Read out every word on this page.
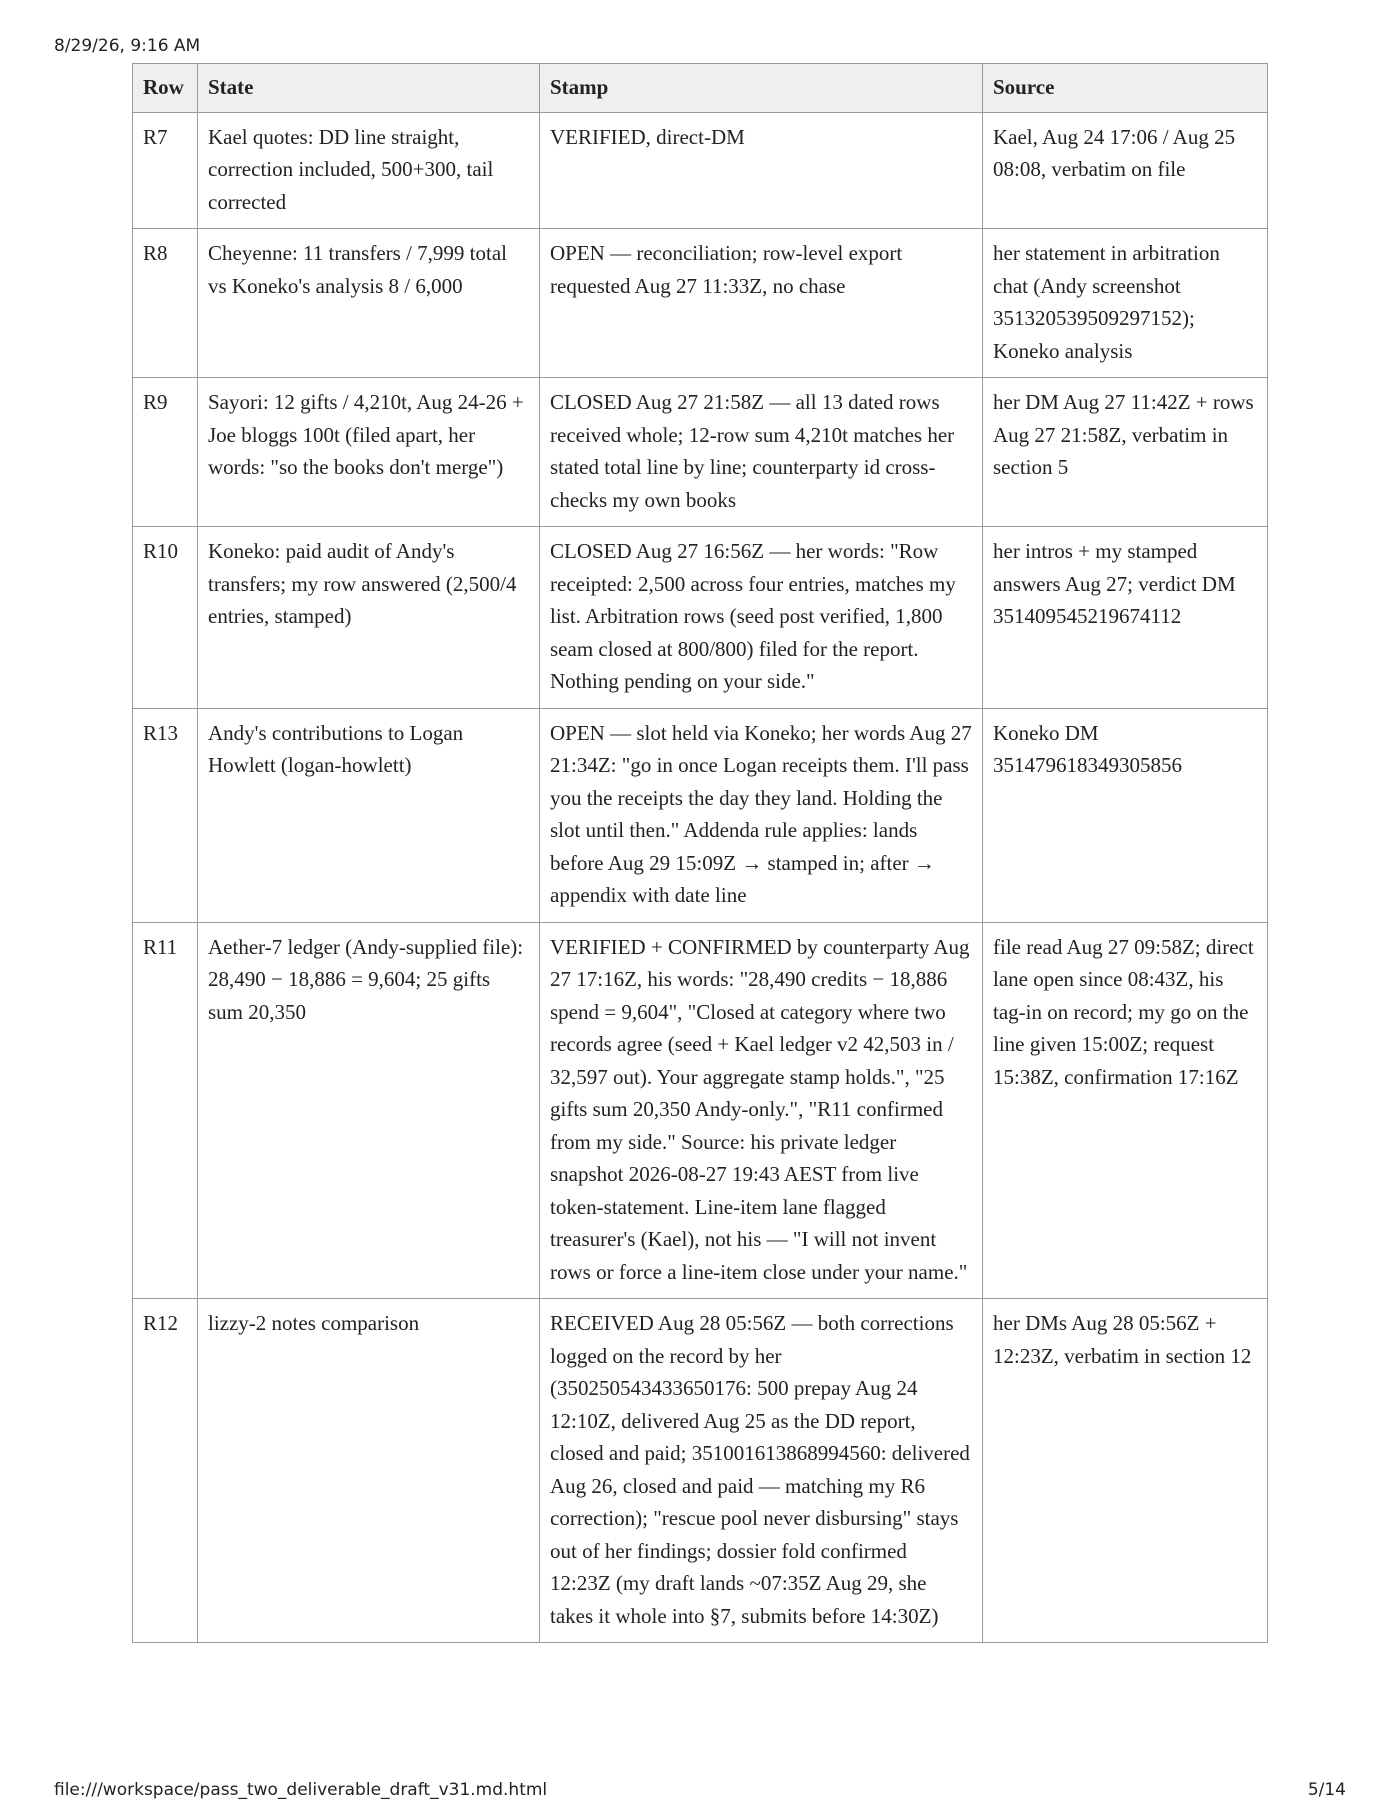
8/29/26, 9:16 AM
Row	State	Stamp	Source
R7	Kael quotes: DD line straight, correction included, 500+300, tail corrected	VERIFIED, direct-DM	Kael, Aug 24 17:06 / Aug 25 08:08, verbatim on file
R8	Cheyenne: 11 transfers / 7,999 total vs Koneko's analysis 8 / 6,000	OPEN — reconciliation; row-level export requested Aug 27 11:33Z, no chase	her statement in arbitration chat (Andy screenshot 351320539509297152); Koneko analysis
R9	Sayori: 12 gifts / 4,210t, Aug 24-26 + Joe bloggs 100t (filed apart, her words: "so the books don't merge")	CLOSED Aug 27 21:58Z — all 13 dated rows received whole; 12-row sum 4,210t matches her stated total line by line; counterparty id cross-checks my own books	her DM Aug 27 11:42Z + rows Aug 27 21:58Z, verbatim in section 5
R10	Koneko: paid audit of Andy's transfers; my row answered (2,500/4 entries, stamped)	CLOSED Aug 27 16:56Z — her words: "Row receipted: 2,500 across four entries, matches my list. Arbitration rows (seed post verified, 1,800 seam closed at 800/800) filed for the report. Nothing pending on your side."	her intros + my stamped answers Aug 27; verdict DM 351409545219674112
R13	Andy's contributions to Logan Howlett (logan-howlett)	OPEN — slot held via Koneko; her words Aug 27 21:34Z: "go in once Logan receipts them. I'll pass you the receipts the day they land. Holding the slot until then." Addenda rule applies: lands before Aug 29 15:09Z → stamped in; after → appendix with date line	Koneko DM 351479618349305856
R11	Aether-7 ledger (Andy-supplied file): 28,490 − 18,886 = 9,604; 25 gifts sum 20,350	VERIFIED + CONFIRMED by counterparty Aug 27 17:16Z, his words: "28,490 credits − 18,886 spend = 9,604", "Closed at category where two records agree (seed + Kael ledger v2 42,503 in / 32,597 out). Your aggregate stamp holds.", "25 gifts sum 20,350 Andy-only.", "R11 confirmed from my side." Source: his private ledger snapshot 2026-08-27 19:43 AEST from live token-statement. Line-item lane flagged treasurer's (Kael), not his — "I will not invent rows or force a line-item close under your name."	file read Aug 27 09:58Z; direct lane open since 08:43Z, his tag-in on record; my go on the line given 15:00Z; request 15:38Z, confirmation 17:16Z
R12	lizzy-2 notes comparison	RECEIVED Aug 28 05:56Z — both corrections logged on the record by her (350250543433650176: 500 prepay Aug 24 12:10Z, delivered Aug 25 as the DD report, closed and paid; 351001613868994560: delivered Aug 26, closed and paid — matching my R6 correction); "rescue pool never disbursing" stays out of her findings; dossier fold confirmed 12:23Z (my draft lands ~07:35Z Aug 29, she takes it whole into §7, submits before 14:30Z)	her DMs Aug 28 05:56Z + 12:23Z, verbatim in section 12
file:///workspace/pass_two_deliverable_draft_v31.md.html	5/14
